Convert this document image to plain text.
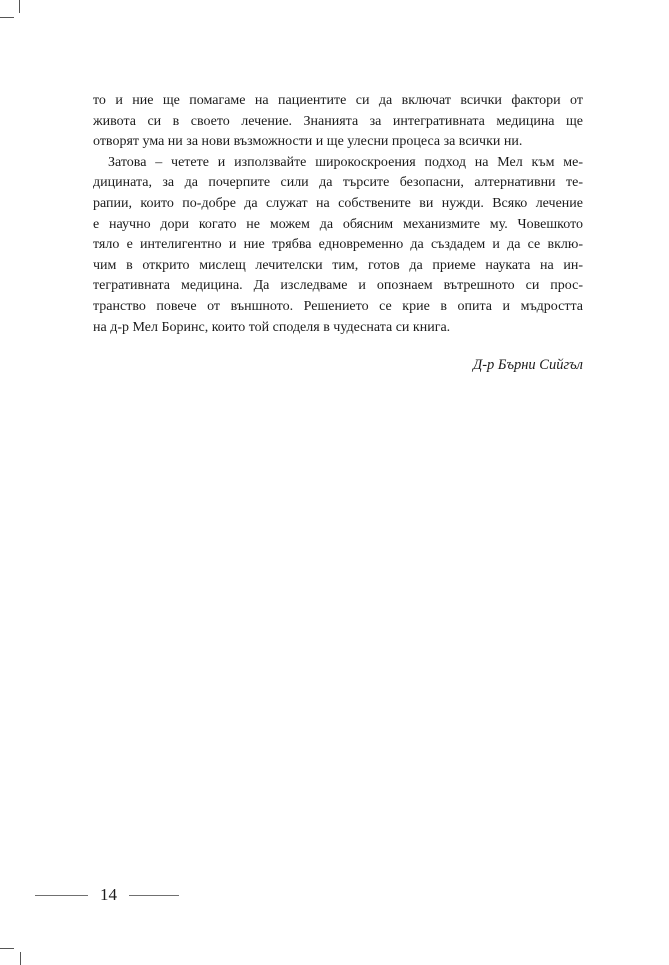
то и ние ще помагаме на пациентите си да включат всички фактори от
живота си в своето лечение. Знанията за интегративната медицина ще
отворят ума ни за нови възможности и ще улесни процеса за всички ни.
Затова – четете и използвайте широкоскроения подход на Мел към ме-
дицината, за да почерпите сили да търсите безопасни, алтернативни те-
рапии, които по-добре да служат на собствените ви нужди. Всяко лечение
е научно дори когато не можем да обясним механизмите му. Човешкото
тяло е интелигентно и ние трябва едновременно да създадем и да се вклю-
чим в открито мислещ лечителски тим, готов да приеме науката на ин-
тегративната медицина. Да изследваме и опознаем вътрешното си прос-
транство повече от външното. Решението се крие в опита и мъдростта
на д-р Мел Боринс, които той споделя в чудесната си книга.
Д-р Бърни Сийгъл
14
